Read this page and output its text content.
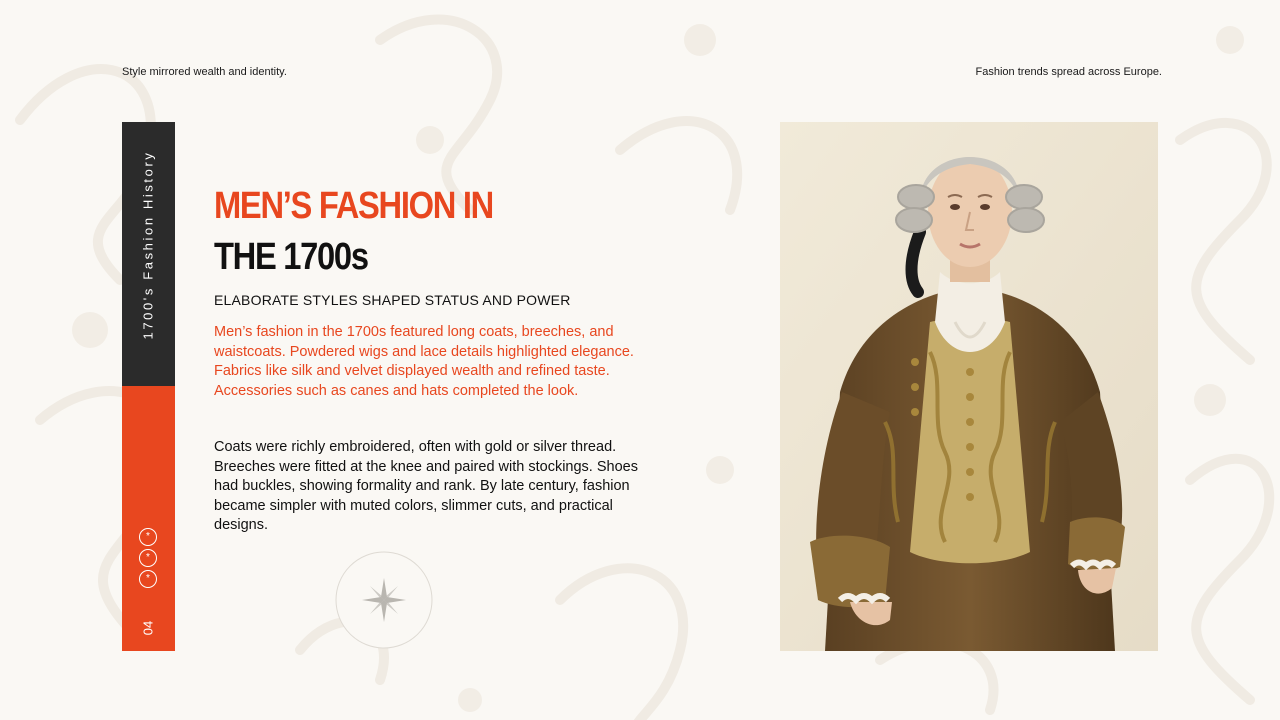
Style mirrored wealth and identity.	Fashion trends spread across Europe.
1700's Fashion History
*
*
*
04
MEN’S FASHION IN
THE 1700s
ELABORATE STYLES SHAPED STATUS AND POWER
Men’s fashion in the 1700s featured long coats, breeches, and waistcoats. Powdered wigs and lace details highlighted elegance. Fabrics like silk and velvet displayed wealth and refined taste. Accessories such as canes and hats completed the look.
Coats were richly embroidered, often with gold or silver thread. Breeches were fitted at the knee and paired with stockings. Shoes had buckles, showing formality and rank. By late century, fashion became simpler with muted colors, slimmer cuts, and practical designs.
